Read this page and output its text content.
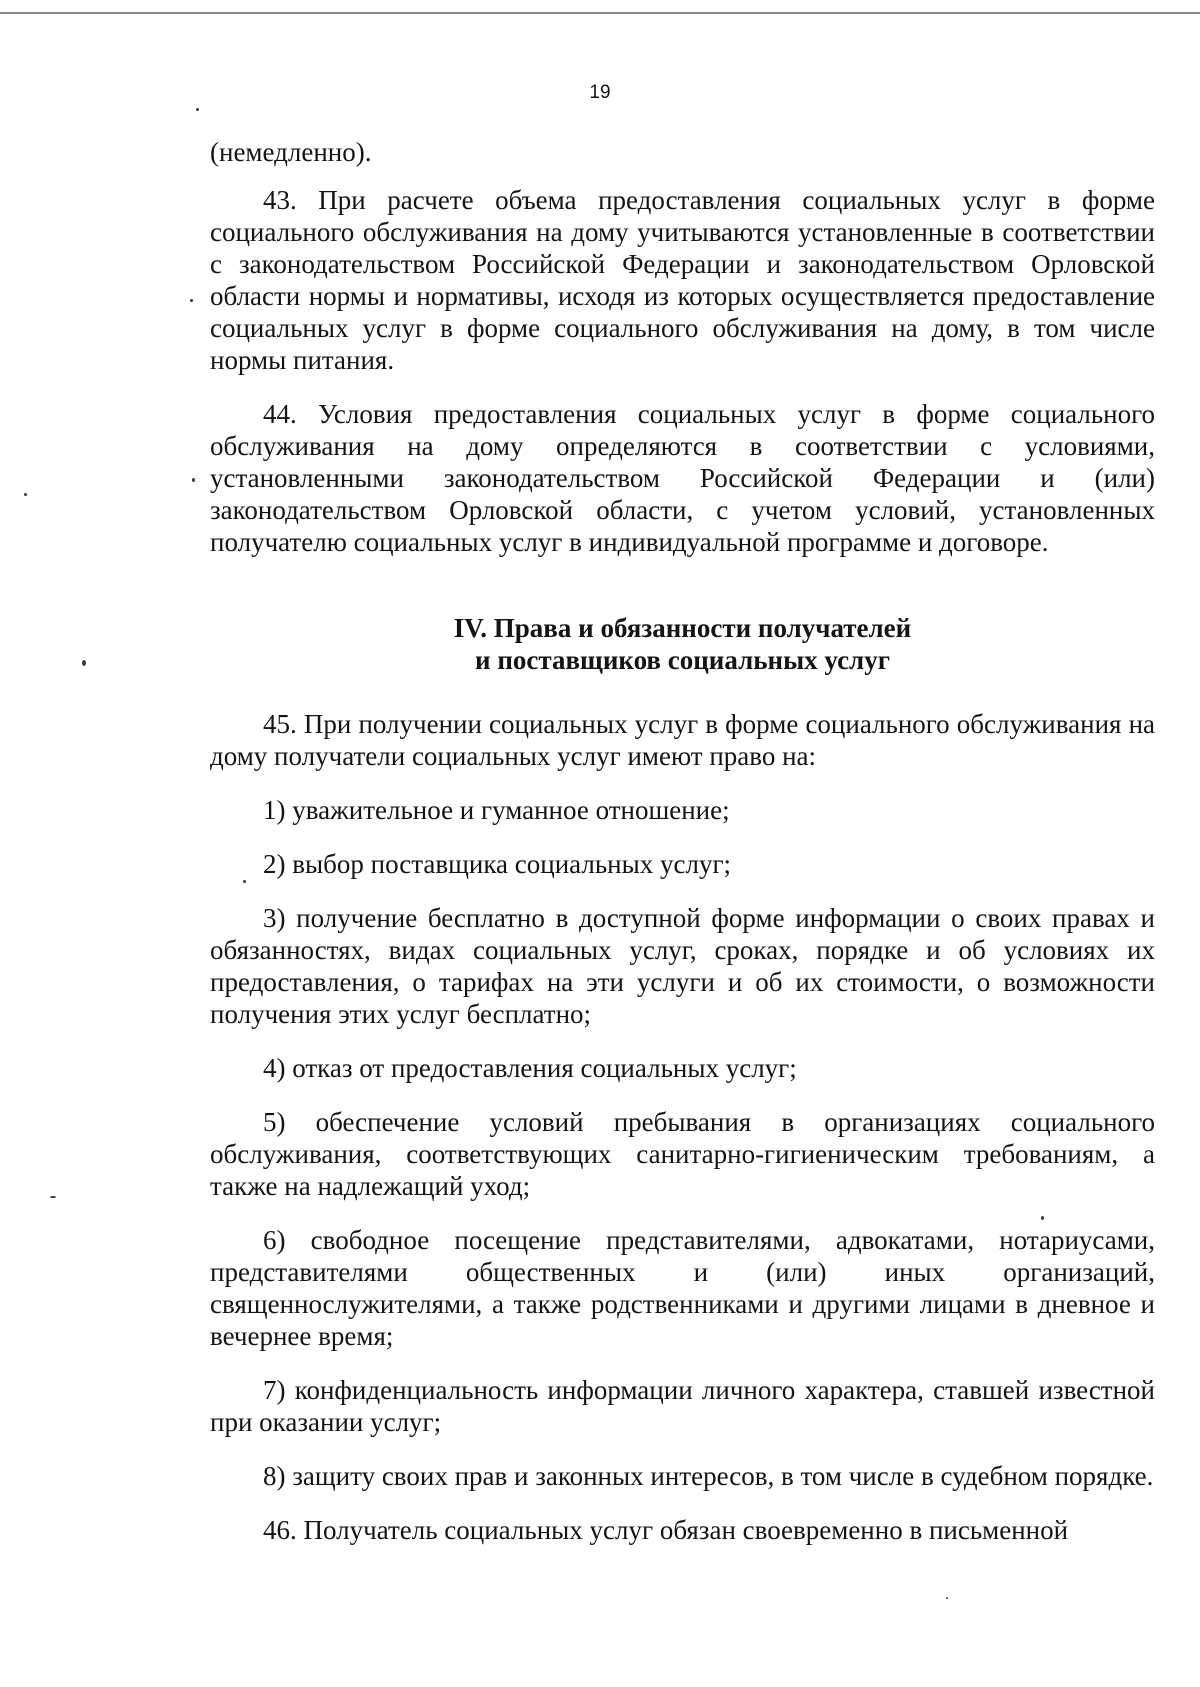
19

(немедленно).

43. При расчете объема предоставления социальных услуг в форме социального обслуживания на дому учитываются установленные в соответствии с законодательством Российской Федерации и законодательством Орловской области нормы и нормативы, исходя из которых осуществляется предоставление социальных услуг в форме социального обслуживания на дому, в том числе нормы питания.

44. Условия предоставления социальных услуг в форме социального обслуживания на дому определяются в соответствии с условиями, установленными законодательством Российской Федерации и (или) законодательством Орловской области, с учетом условий, установленных получателю социальных услуг в индивидуальной программе и договоре.

IV. Права и обязанности получателей
и поставщиков социальных услуг

45. При получении социальных услуг в форме социального обслуживания на дому получатели социальных услуг имеют право на:

1) уважительное и гуманное отношение;

2) выбор поставщика социальных услуг;

3) получение бесплатно в доступной форме информации о своих правах и обязанностях, видах социальных услуг, сроках, порядке и об условиях их предоставления, о тарифах на эти услуги и об их стоимости, о возможности получения этих услуг бесплатно;

4) отказ от предоставления социальных услуг;

5) обеспечение условий пребывания в организациях социального обслуживания, соответствующих санитарно-гигиеническим требованиям, а также на надлежащий уход;

6) свободное посещение представителями, адвокатами, нотариусами, представителями общественных и (или) иных организаций, священнослужителями, а также родственниками и другими лицами в дневное и вечернее время;

7) конфиденциальность информации личного характера, ставшей известной при оказании услуг;

8) защиту своих прав и законных интересов, в том числе в судебном порядке.

46. Получатель социальных услуг обязан своевременно в письменной
